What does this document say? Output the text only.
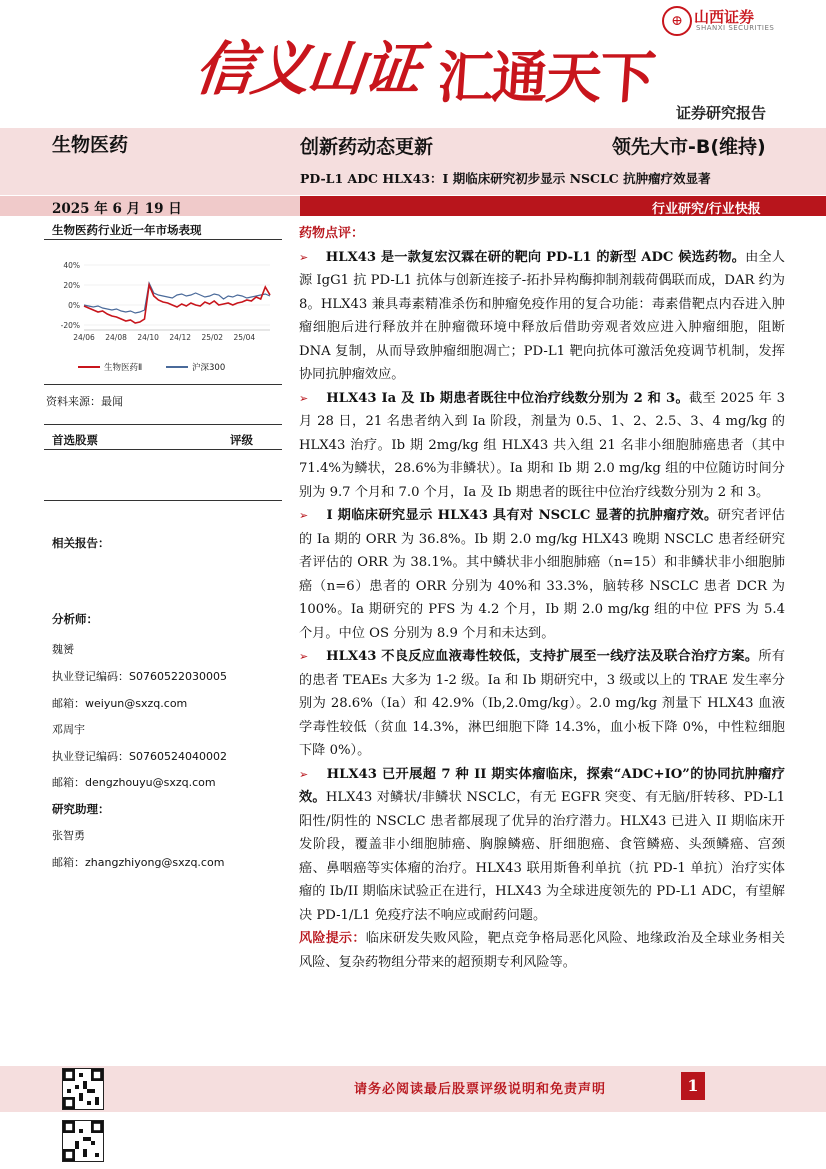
信义山证 汇通天下
⊕ 山西证券
SHANXI SECURITIES
证券研究报告
生物医药	创新药动态更新	领先大市-B(维持)
PD-L1 ADC HLX43：I 期临床研究初步显示 NSCLC 抗肿瘤疗效显著
2025 年 6 月 19 日	行业研究/行业快报
生物医药行业近一年市场表现
40%
20%
0%
-20%
24/06 24/08 24/10 24/12 25/02 25/04
生物医药Ⅱ	沪深300
资料来源：最闻
首选股票	评级
相关报告：
分析师：
魏赟
执业登记编码：S0760522030005
邮箱：weiyun@sxzq.com
邓周宇
执业登记编码：S0760524040002
邮箱：dengzhouyu@sxzq.com
研究助理：
张智勇
邮箱：zhangzhiyong@sxzq.com

药物点评：

➢ HLX43 是一款复宏汉霖在研的靶向 PD-L1 的新型 ADC 候选药物。由全人源 IgG1 抗 PD-L1 抗体与创新连接子-拓扑异构酶抑制剂载荷偶联而成，DAR 约为 8。HLX43 兼具毒素精准杀伤和肿瘤免疫作用的复合功能：毒素借靶点内吞进入肿瘤细胞后进行释放并在肿瘤微环境中释放后借助旁观者效应进入肿瘤细胞，阻断 DNA 复制，从而导致肿瘤细胞凋亡；PD-L1 靶向抗体可激活免疫调节机制，发挥协同抗肿瘤效应。

➢ HLX43 Ia 及 Ib 期患者既往中位治疗线数分别为 2 和 3。截至 2025 年 3 月 28 日，21 名患者纳入到 Ia 阶段，剂量为 0.5、1、2、2.5、3、4 mg/kg 的 HLX43 治疗。Ib 期 2mg/kg 组 HLX43 共入组 21 名非小细胞肺癌患者（其中 71.4%为鳞状，28.6%为非鳞状）。Ia 期和 Ib 期 2.0 mg/kg 组的中位随访时间分别为 9.7 个月和 7.0 个月，Ia 及 Ib 期患者的既往中位治疗线数分别为 2 和 3。

➢ I 期临床研究显示 HLX43 具有对 NSCLC 显著的抗肿瘤疗效。研究者评估的 Ia 期的 ORR 为 36.8%。Ib 期 2.0 mg/kg HLX43 晚期 NSCLC 患者经研究者评估的 ORR 为 38.1%。其中鳞状非小细胞肺癌（n=15）和非鳞状非小细胞肺癌（n=6）患者的 ORR 分别为 40%和 33.3%，脑转移 NSCLC 患者 DCR 为 100%。Ia 期研究的 PFS 为 4.2 个月，Ib 期 2.0 mg/kg 组的中位 PFS 为 5.4 个月。中位 OS 分别为 8.9 个月和未达到。

➢ HLX43 不良反应血液毒性较低，支持扩展至一线疗法及联合治疗方案。所有的患者 TEAEs 大多为 1-2 级。Ia 和 Ib 期研究中，3 级或以上的 TRAE 发生率分别为 28.6%（Ia）和 42.9%（Ib,2.0mg/kg）。2.0 mg/kg 剂量下 HLX43 血液学毒性较低（贫血 14.3%，淋巴细胞下降 14.3%，血小板下降 0%，中性粒细胞下降 0%）。

➢ HLX43 已开展超 7 种 II 期实体瘤临床，探索“ADC+IO”的协同抗肿瘤疗效。HLX43 对鳞状/非鳞状 NSCLC，有无 EGFR 突变、有无脑/肝转移、PD-L1 阳性/阴性的 NSCLC 患者都展现了优异的治疗潜力。HLX43 已进入 II 期临床开发阶段，覆盖非小细胞肺癌、胸腺鳞癌、肝细胞癌、食管鳞癌、头颈鳞癌、宫颈癌、鼻咽癌等实体瘤的治疗。HLX43 联用斯鲁利单抗（抗 PD-1 单抗）治疗实体瘤的 Ib/II 期临床试验正在进行，HLX43 为全球进度领先的 PD-L1 ADC，有望解决 PD-1/L1 免疫疗法不响应或耐药问题。

风险提示：临床研发失败风险，靶点竞争格局恶化风险、地缘政治及全球业务相关风险、复杂药物组分带来的超预期专利风险等。

请务必阅读最后股票评级说明和免责声明	1
